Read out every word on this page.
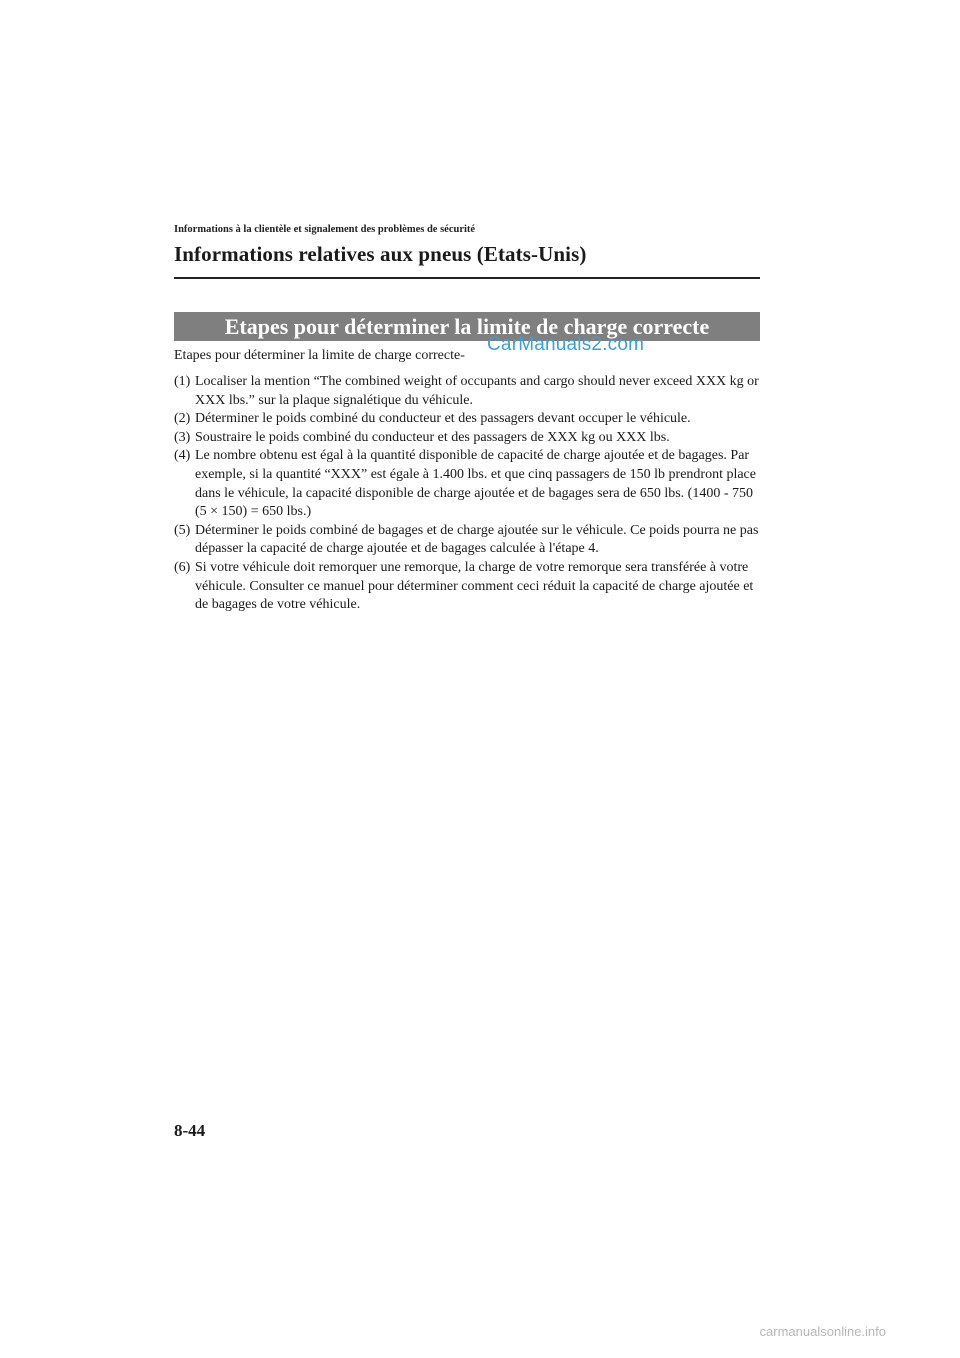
Informations à la clientèle et signalement des problèmes de sécurité
Informations relatives aux pneus (Etats-Unis)
Etapes pour déterminer la limite de charge correcte
Etapes pour déterminer la limite de charge correcte-
CarManuals2.com
(1) Localiser la mention “The combined weight of occupants and cargo should never exceed XXX kg or XXX lbs.” sur la plaque signalétique du véhicule.
(2) Déterminer le poids combiné du conducteur et des passagers devant occuper le véhicule.
(3) Soustraire le poids combiné du conducteur et des passagers de XXX kg ou XXX lbs.
(4) Le nombre obtenu est égal à la quantité disponible de capacité de charge ajoutée et de bagages. Par exemple, si la quantité “XXX” est égale à 1.400 lbs. et que cinq passagers de 150 lb prendront place dans le véhicule, la capacité disponible de charge ajoutée et de bagages sera de 650 lbs. (1400 - 750 (5 × 150) = 650 lbs.)
(5) Déterminer le poids combiné de bagages et de charge ajoutée sur le véhicule. Ce poids pourra ne pas dépasser la capacité de charge ajoutée et de bagages calculée à l'étape 4.
(6) Si votre véhicule doit remorquer une remorque, la charge de votre remorque sera transférée à votre véhicule. Consulter ce manuel pour déterminer comment ceci réduit la capacité de charge ajoutée et de bagages de votre véhicule.
8-44
carmanualsonline.info
